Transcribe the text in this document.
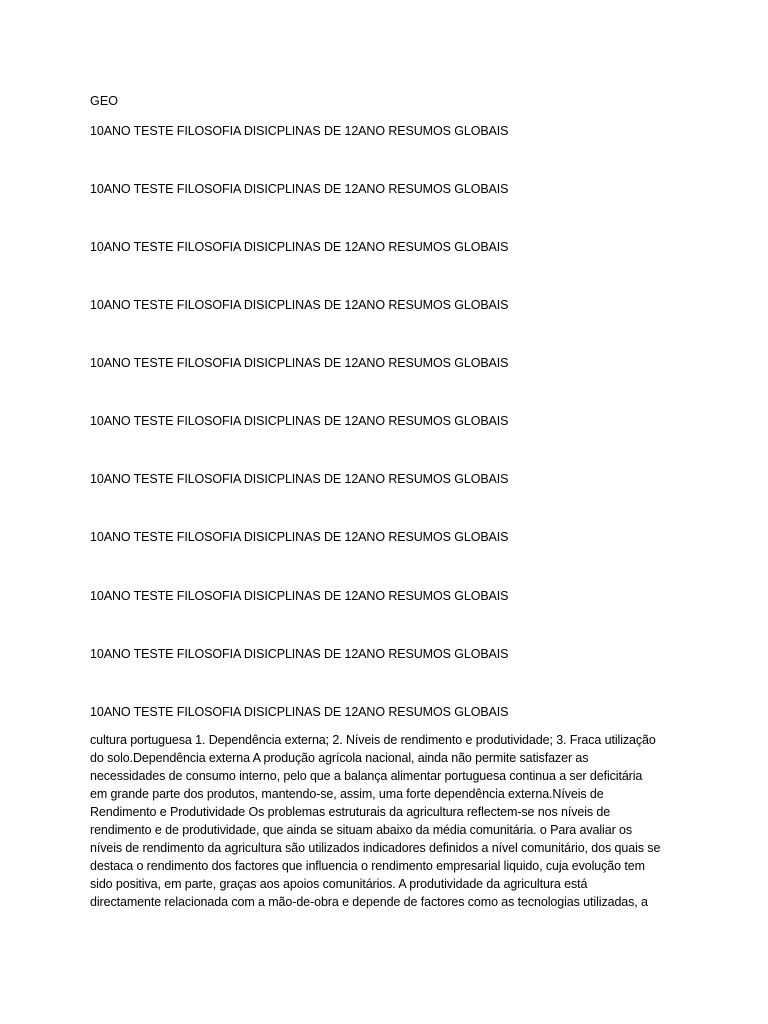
GEO
10ANO TESTE FILOSOFIA DISICPLINAS DE 12ANO RESUMOS GLOBAIS
10ANO TESTE FILOSOFIA DISICPLINAS DE 12ANO RESUMOS GLOBAIS
10ANO TESTE FILOSOFIA DISICPLINAS DE 12ANO RESUMOS GLOBAIS
10ANO TESTE FILOSOFIA DISICPLINAS DE 12ANO RESUMOS GLOBAIS
10ANO TESTE FILOSOFIA DISICPLINAS DE 12ANO RESUMOS GLOBAIS
10ANO TESTE FILOSOFIA DISICPLINAS DE 12ANO RESUMOS GLOBAIS
10ANO TESTE FILOSOFIA DISICPLINAS DE 12ANO RESUMOS GLOBAIS
10ANO TESTE FILOSOFIA DISICPLINAS DE 12ANO RESUMOS GLOBAIS
10ANO TESTE FILOSOFIA DISICPLINAS DE 12ANO RESUMOS GLOBAIS
10ANO TESTE FILOSOFIA DISICPLINAS DE 12ANO RESUMOS GLOBAIS
10ANO TESTE FILOSOFIA DISICPLINAS DE 12ANO RESUMOS GLOBAIS
cultura portuguesa 1. Dependência externa; 2. Níveis de rendimento e produtividade; 3. Fraca utilização
do solo.Dependência externa A produção agrícola nacional, ainda não permite satisfazer as
necessidades de consumo interno, pelo que a balança alimentar portuguesa continua a ser deficitária
em grande parte dos produtos, mantendo-se, assim, uma forte dependência externa.Níveis de
Rendimento e Produtividade Os problemas estruturais da agricultura reflectem-se nos níveis de
rendimento e de produtividade, que ainda se situam abaixo da média comunitária. o Para avaliar os
níveis de rendimento da agricultura são utilizados indicadores definidos a nível comunitário, dos quais se
destaca o rendimento dos factores que influencia o rendimento empresarial liquido, cuja evolução tem
sido positiva, em parte, graças aos apoios comunitários. A produtividade da agricultura está
directamente relacionada com a mão-de-obra e depende de factores como as tecnologias utilizadas, a
